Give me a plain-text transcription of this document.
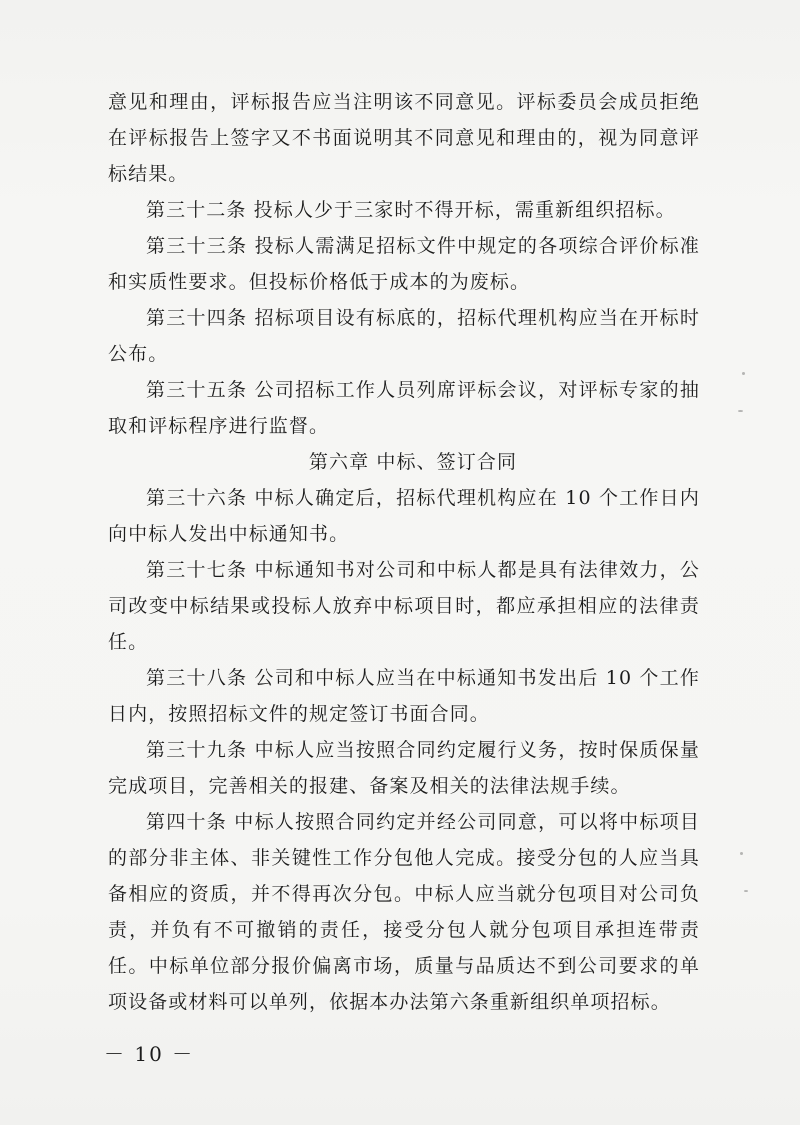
意见和理由，评标报告应当注明该不同意见。评标委员会成员拒绝在评标报告上签字又不书面说明其不同意见和理由的，视为同意评标结果。

第三十二条 投标人少于三家时不得开标，需重新组织招标。

第三十三条 投标人需满足招标文件中规定的各项综合评价标准和实质性要求。但投标价格低于成本的为废标。

第三十四条 招标项目设有标底的，招标代理机构应当在开标时公布。

第三十五条 公司招标工作人员列席评标会议，对评标专家的抽取和评标程序进行监督。

第六章 中标、签订合同

第三十六条 中标人确定后，招标代理机构应在 10 个工作日内向中标人发出中标通知书。

第三十七条 中标通知书对公司和中标人都是具有法律效力，公司改变中标结果或投标人放弃中标项目时，都应承担相应的法律责任。

第三十八条 公司和中标人应当在中标通知书发出后 10 个工作日内，按照招标文件的规定签订书面合同。

第三十九条 中标人应当按照合同约定履行义务，按时保质保量完成项目，完善相关的报建、备案及相关的法律法规手续。

第四十条 中标人按照合同约定并经公司同意，可以将中标项目的部分非主体、非关键性工作分包他人完成。接受分包的人应当具备相应的资质，并不得再次分包。中标人应当就分包项目对公司负责，并负有不可撤销的责任，接受分包人就分包项目承担连带责任。中标单位部分报价偏离市场，质量与品质达不到公司要求的单项设备或材料可以单列，依据本办法第六条重新组织单项招标。

－ 10 －
